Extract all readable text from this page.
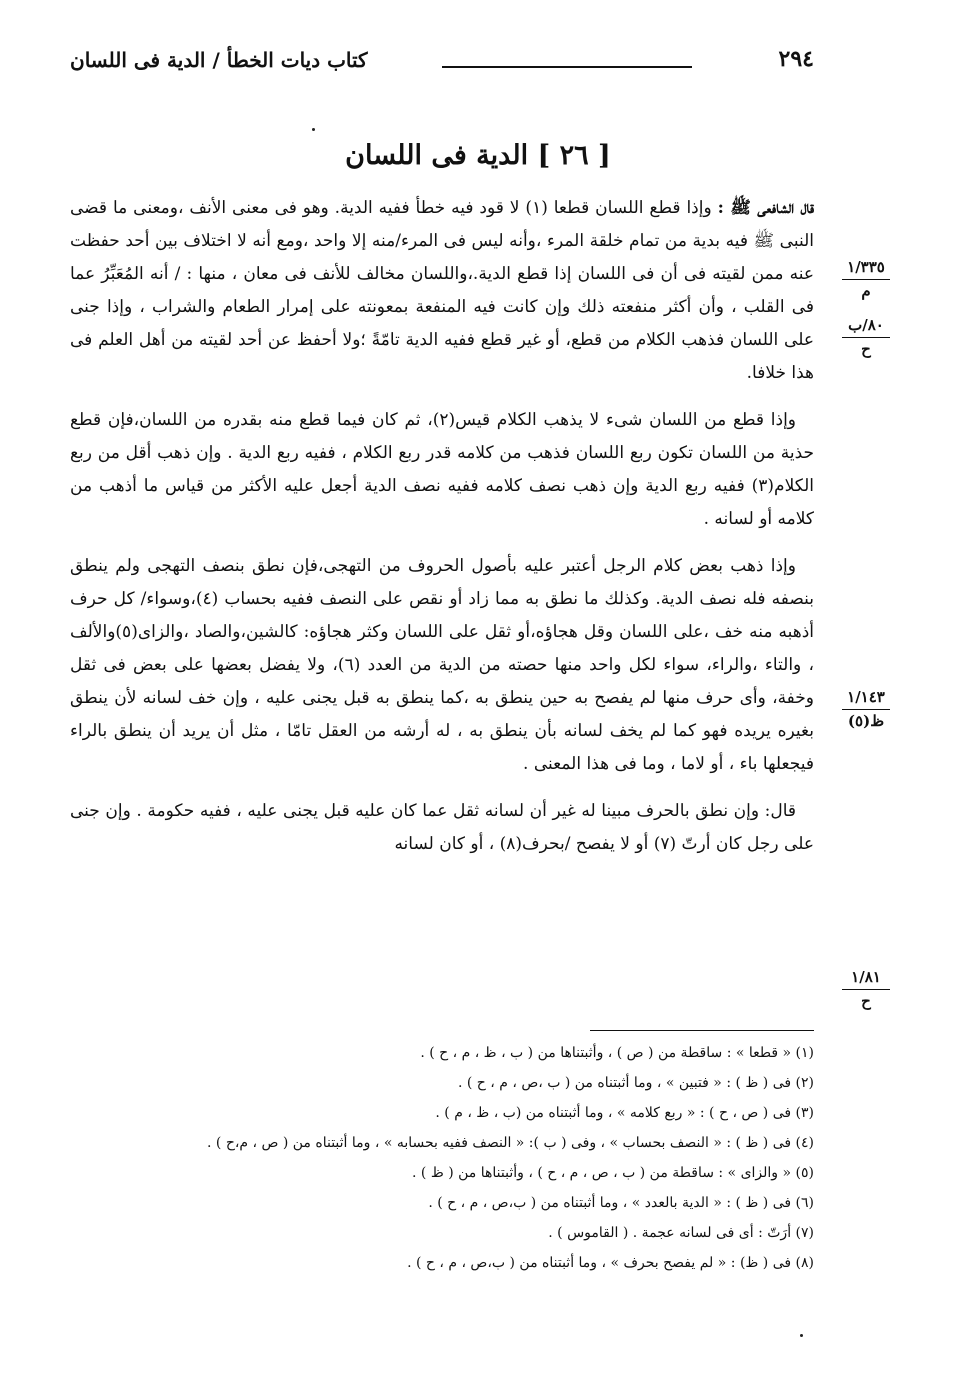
كتاب ديات الخطأ / الدية فى اللسان	٢٩٤
[ ٢٦ ] الدية فى اللسان

قال الشافعى ﷺ : وإذا قطع اللسان قطعا (١) لا قود فيه خطأ ففيه الدية. وهو فى معنى الأنف ،ومعنى ما قضى النبى ﷺ فيه بدية من تمام خلقة المرء ،وأنه ليس فى المرء/منه إلا واحد ،ومع أنه لا اختلاف بين أحد حفظت عنه ممن لقيته فى أن فى اللسان إذا قطع الدية.،واللسان مخالف للأنف فى معان ، منها : / أنه المُعَبِّرُ عما فى القلب ، وأن أكثر منفعته ذلك وإن كانت فيه المنفعة بمعونته على إمرار الطعام والشراب ، وإذا جنى على اللسان فذهب الكلام من قطع، أو غير قطع ففيه الدية تامّةً ؛ولا أحفظ عن أحد لقيته من أهل العلم فى هذا خلافا.

وإذا قطع من اللسان شىء لا يذهب الكلام قيس(٢)، ثم كان فيما قطع منه بقدره من اللسان،فإن قطع حذية من اللسان تكون ربع اللسان فذهب من كلامه قدر ربع الكلام ، ففيه ربع الدية . وإن ذهب أقل من ربع الكلام(٣) ففيه ربع الدية وإن ذهب نصف كلامه ففيه نصف الدية أجعل عليه الأكثر من قياس ما أذهب من كلامه أو لسانه .

وإذا ذهب بعض كلام الرجل أعتبر عليه بأصول الحروف من التهجى،فإن نطق بنصف التهجى ولم ينطق بنصفه فله نصف الدية. وكذلك ما نطق به مما زاد أو نقص على النصف ففيه بحساب (٤)،وسواء/ كل حرف أذهبه منه خف ،على اللسان وقل هجاؤه،أو ثقل على اللسان وكثر هجاؤه: كالشين،والصاد ،والزاى(٥)والألف ، والتاء ،والراء، سواء لكل واحد منها حصته من الدية من العدد (٦)، ولا يفضل بعضها على بعض فى ثقل وخفة، وأى حرف منها لم يفصح به حين ينطق به ،كما ينطق به قبل يجنى عليه ، وإن خف لسانه لأن ينطق بغيره يريده فهو كما لم يخف لسانه بأن ينطق به ، له أرشه من العقل تامّا ، مثل أن يريد أن ينطق بالراء فيجعلها باء ، أو لاما ، وما فى هذا المعنى .

قال: وإن نطق بالحرف مبينا له غير أن لسانه ثقل عما كان عليه قبل يجنى عليه ، ففيه حكومة . وإن جنى على رجل كان أرتّ (٧) أو لا يفصح /بحرف(٨) ، أو كان لسانه

١/٣٣٥
م
٨٠/ب
ح
١/١٤٣
ظ(٥)
١/٨١
ح
(١) « قطعا » : ساقطة من ( ص ) ، وأثبتناها من ( ب ، ظ ، م ، ح ) .
(٢) فى ( ظ ) : « فتبين » ، وما أثبتناه من ( ب ،ص ، م ، ح ) .
(٣) فى ( ص ، ح ) : « ربع كلامه » ، وما أثبتناه من (ب ، ظ ، م ) .
(٤) فى ( ظ ) : « النصف بحساب » ، وفى ( ب ): « النصف ففيه بحسابه » ، وما أثبتناه من ( ص ، م،ح ) .
(٥) « والزاى » : ساقطة من ( ب ، ص ، م ، ح ) ، وأثبتناها من ( ظ ) .
(٦) فى ( ظ ) : « الدية بالعدد » ، وما أثبتناه من ( ب،ص ، م ، ح ) .
(٧) أرَتّ : أى فى لسانه عجمة . ( القاموس ) .
(٨) فى ( ظ) : « لم يفصح بحرف » ، وما أثبتناه من ( ب،ص ، م ، ح ) .
